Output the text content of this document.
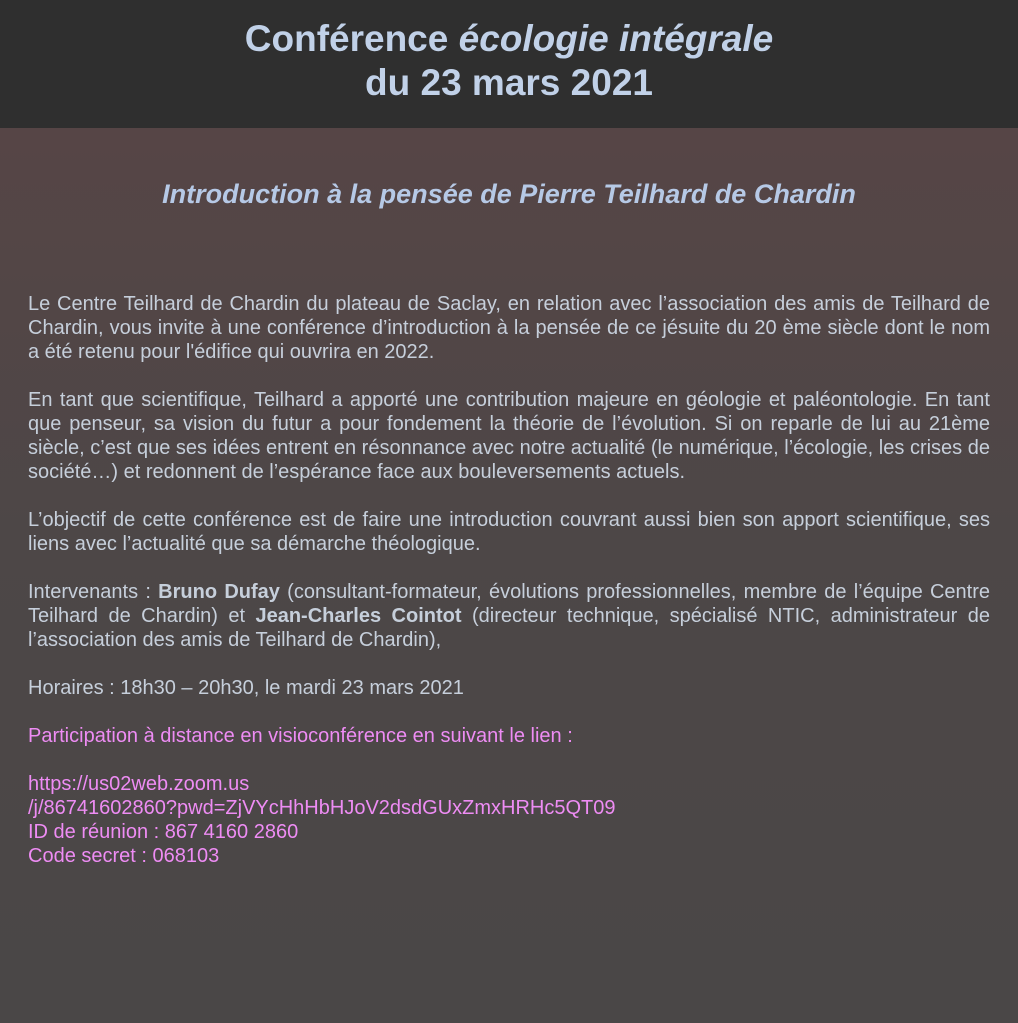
Conférence écologie intégrale

du 23 mars 2021

Introduction à la pensée de Pierre Teilhard de Chardin

Le Centre Teilhard de Chardin du plateau de Saclay, en relation avec l’association des amis de Teilhard de Chardin, vous invite à une conférence d’introduction à la pensée de ce jésuite du 20 ème siècle dont le nom a été retenu pour l'édifice qui ouvrira en 2022.

En tant que scientifique, Teilhard a apporté une contribution majeure en géologie et paléontologie. En tant que penseur, sa vision du futur a pour fondement la théorie de l’évolution. Si on reparle de lui au 21ème siècle, c’est que ses idées entrent en résonnance avec notre actualité (le numérique, l’écologie, les crises de société…) et redonnent de l’espérance face aux bouleversements actuels.

L’objectif de cette conférence est de faire une introduction couvrant aussi bien son apport scientifique, ses liens avec l’actualité que sa démarche théologique.

Intervenants : Bruno Dufay (consultant-formateur, évolutions professionnelles, membre de l’équipe Centre Teilhard de Chardin) et Jean-Charles Cointot (directeur technique, spécialisé NTIC, administrateur de l’association des amis de Teilhard de Chardin),

Horaires : 18h30 – 20h30, le mardi 23 mars 2021

Participation à distance en visioconférence en suivant le lien :

https://us02web.zoom.us
/j/86741602860?pwd=ZjVYcHhHbHJoV2dsdGUxZmxHRHc5QT09
ID de réunion : 867 4160 2860
Code secret : 068103
